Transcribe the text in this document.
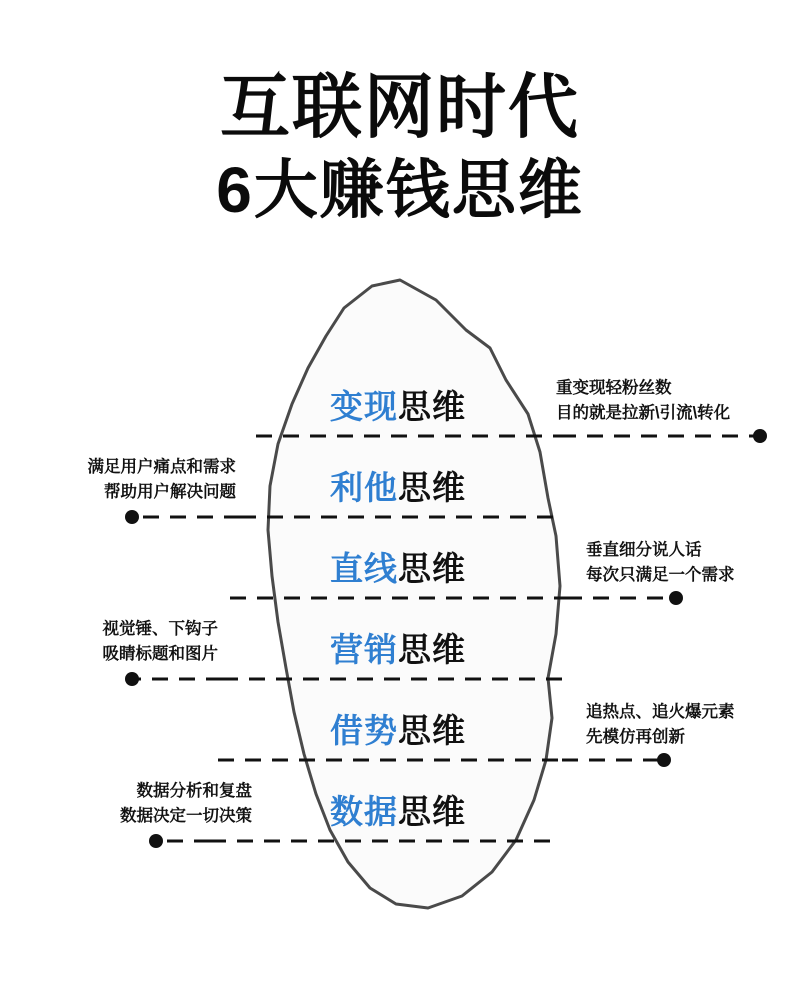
互联网时代
6大赚钱思维
变现思维
利他思维
直线思维
营销思维
借势思维
数据思维
重变现轻粉丝数
目的就是拉新\引流\转化
垂直细分说人话
每次只满足一个需求
追热点、追火爆元素
先模仿再创新
满足用户痛点和需求
帮助用户解决问题
视觉锤、下钩子
吸睛标题和图片
数据分析和复盘
数据决定一切决策
